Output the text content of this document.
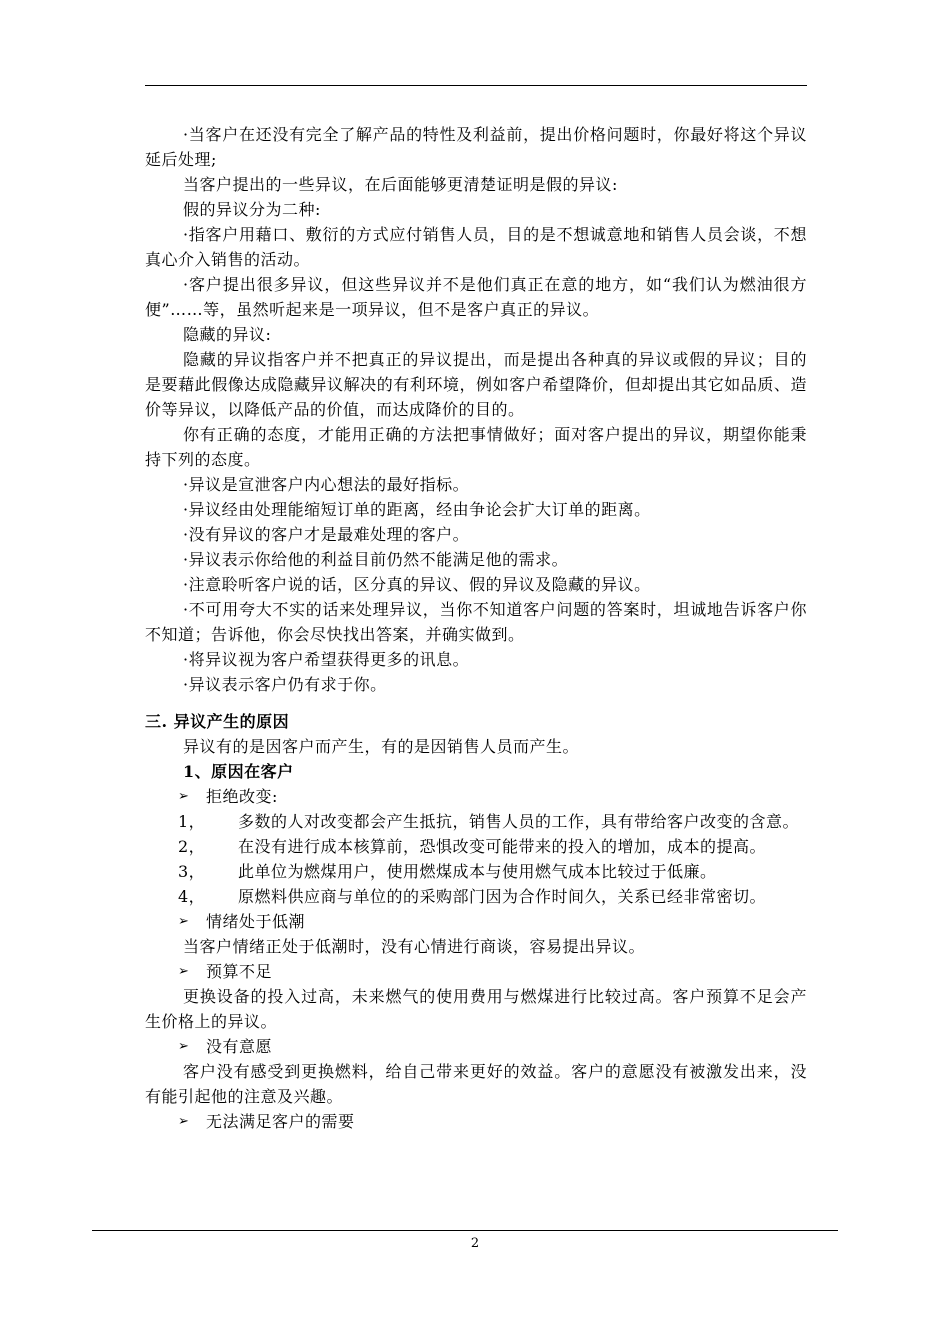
·当客户在还没有完全了解产品的特性及利益前，提出价格问题时，你最好将这个异议延后处理;

当客户提出的一些异议，在后面能够更清楚证明是假的异议:

假的异议分为二种:

·指客户用藉口、敷衍的方式应付销售人员，目的是不想诚意地和销售人员会谈，不想真心介入销售的活动。

·客户提出很多异议，但这些异议并不是他们真正在意的地方，如“我们认为燃油很方便”……等，虽然听起来是一项异议，但不是客户真正的异议。

隐藏的异议:

隐藏的异议指客户并不把真正的异议提出，而是提出各种真的异议或假的异议；目的是要藉此假像达成隐藏异议解决的有利环境，例如客户希望降价，但却提出其它如品质、造价等异议，以降低产品的价值，而达成降价的目的。

你有正确的态度，才能用正确的方法把事情做好；面对客户提出的异议，期望你能秉持下列的态度。

·异议是宣泄客户内心想法的最好指标。

·异议经由处理能缩短订单的距离，经由争论会扩大订单的距离。

·没有异议的客户才是最难处理的客户。

·异议表示你给他的利益目前仍然不能满足他的需求。

·注意聆听客户说的话，区分真的异议、假的异议及隐藏的异议。

·不可用夸大不实的话来处理异议，当你不知道客户问题的答案时，坦诚地告诉客户你不知道；告诉他，你会尽快找出答案，并确实做到。

·将异议视为客户希望获得更多的讯息。

·异议表示客户仍有求于你。

三. 异议产生的原因

异议有的是因客户而产生，有的是因销售人员而产生。

1、原因在客户

➢	拒绝改变:
1，	多数的人对改变都会产生抵抗，销售人员的工作，具有带给客户改变的含意。
2，	在没有进行成本核算前，恐惧改变可能带来的投入的增加，成本的提高。
3，	此单位为燃煤用户，使用燃煤成本与使用燃气成本比较过于低廉。
4，	原燃料供应商与单位的的采购部门因为合作时间久，关系已经非常密切。
➢	情绪处于低潮

当客户情绪正处于低潮时，没有心情进行商谈，容易提出异议。

➢	预算不足

更换设备的投入过高，未来燃气的使用费用与燃煤进行比较过高。客户预算不足会产生价格上的异议。

➢	没有意愿

客户没有感受到更换燃料，给自己带来更好的效益。客户的意愿没有被激发出来，没有能引起他的注意及兴趣。

➢	无法满足客户的需要
2
